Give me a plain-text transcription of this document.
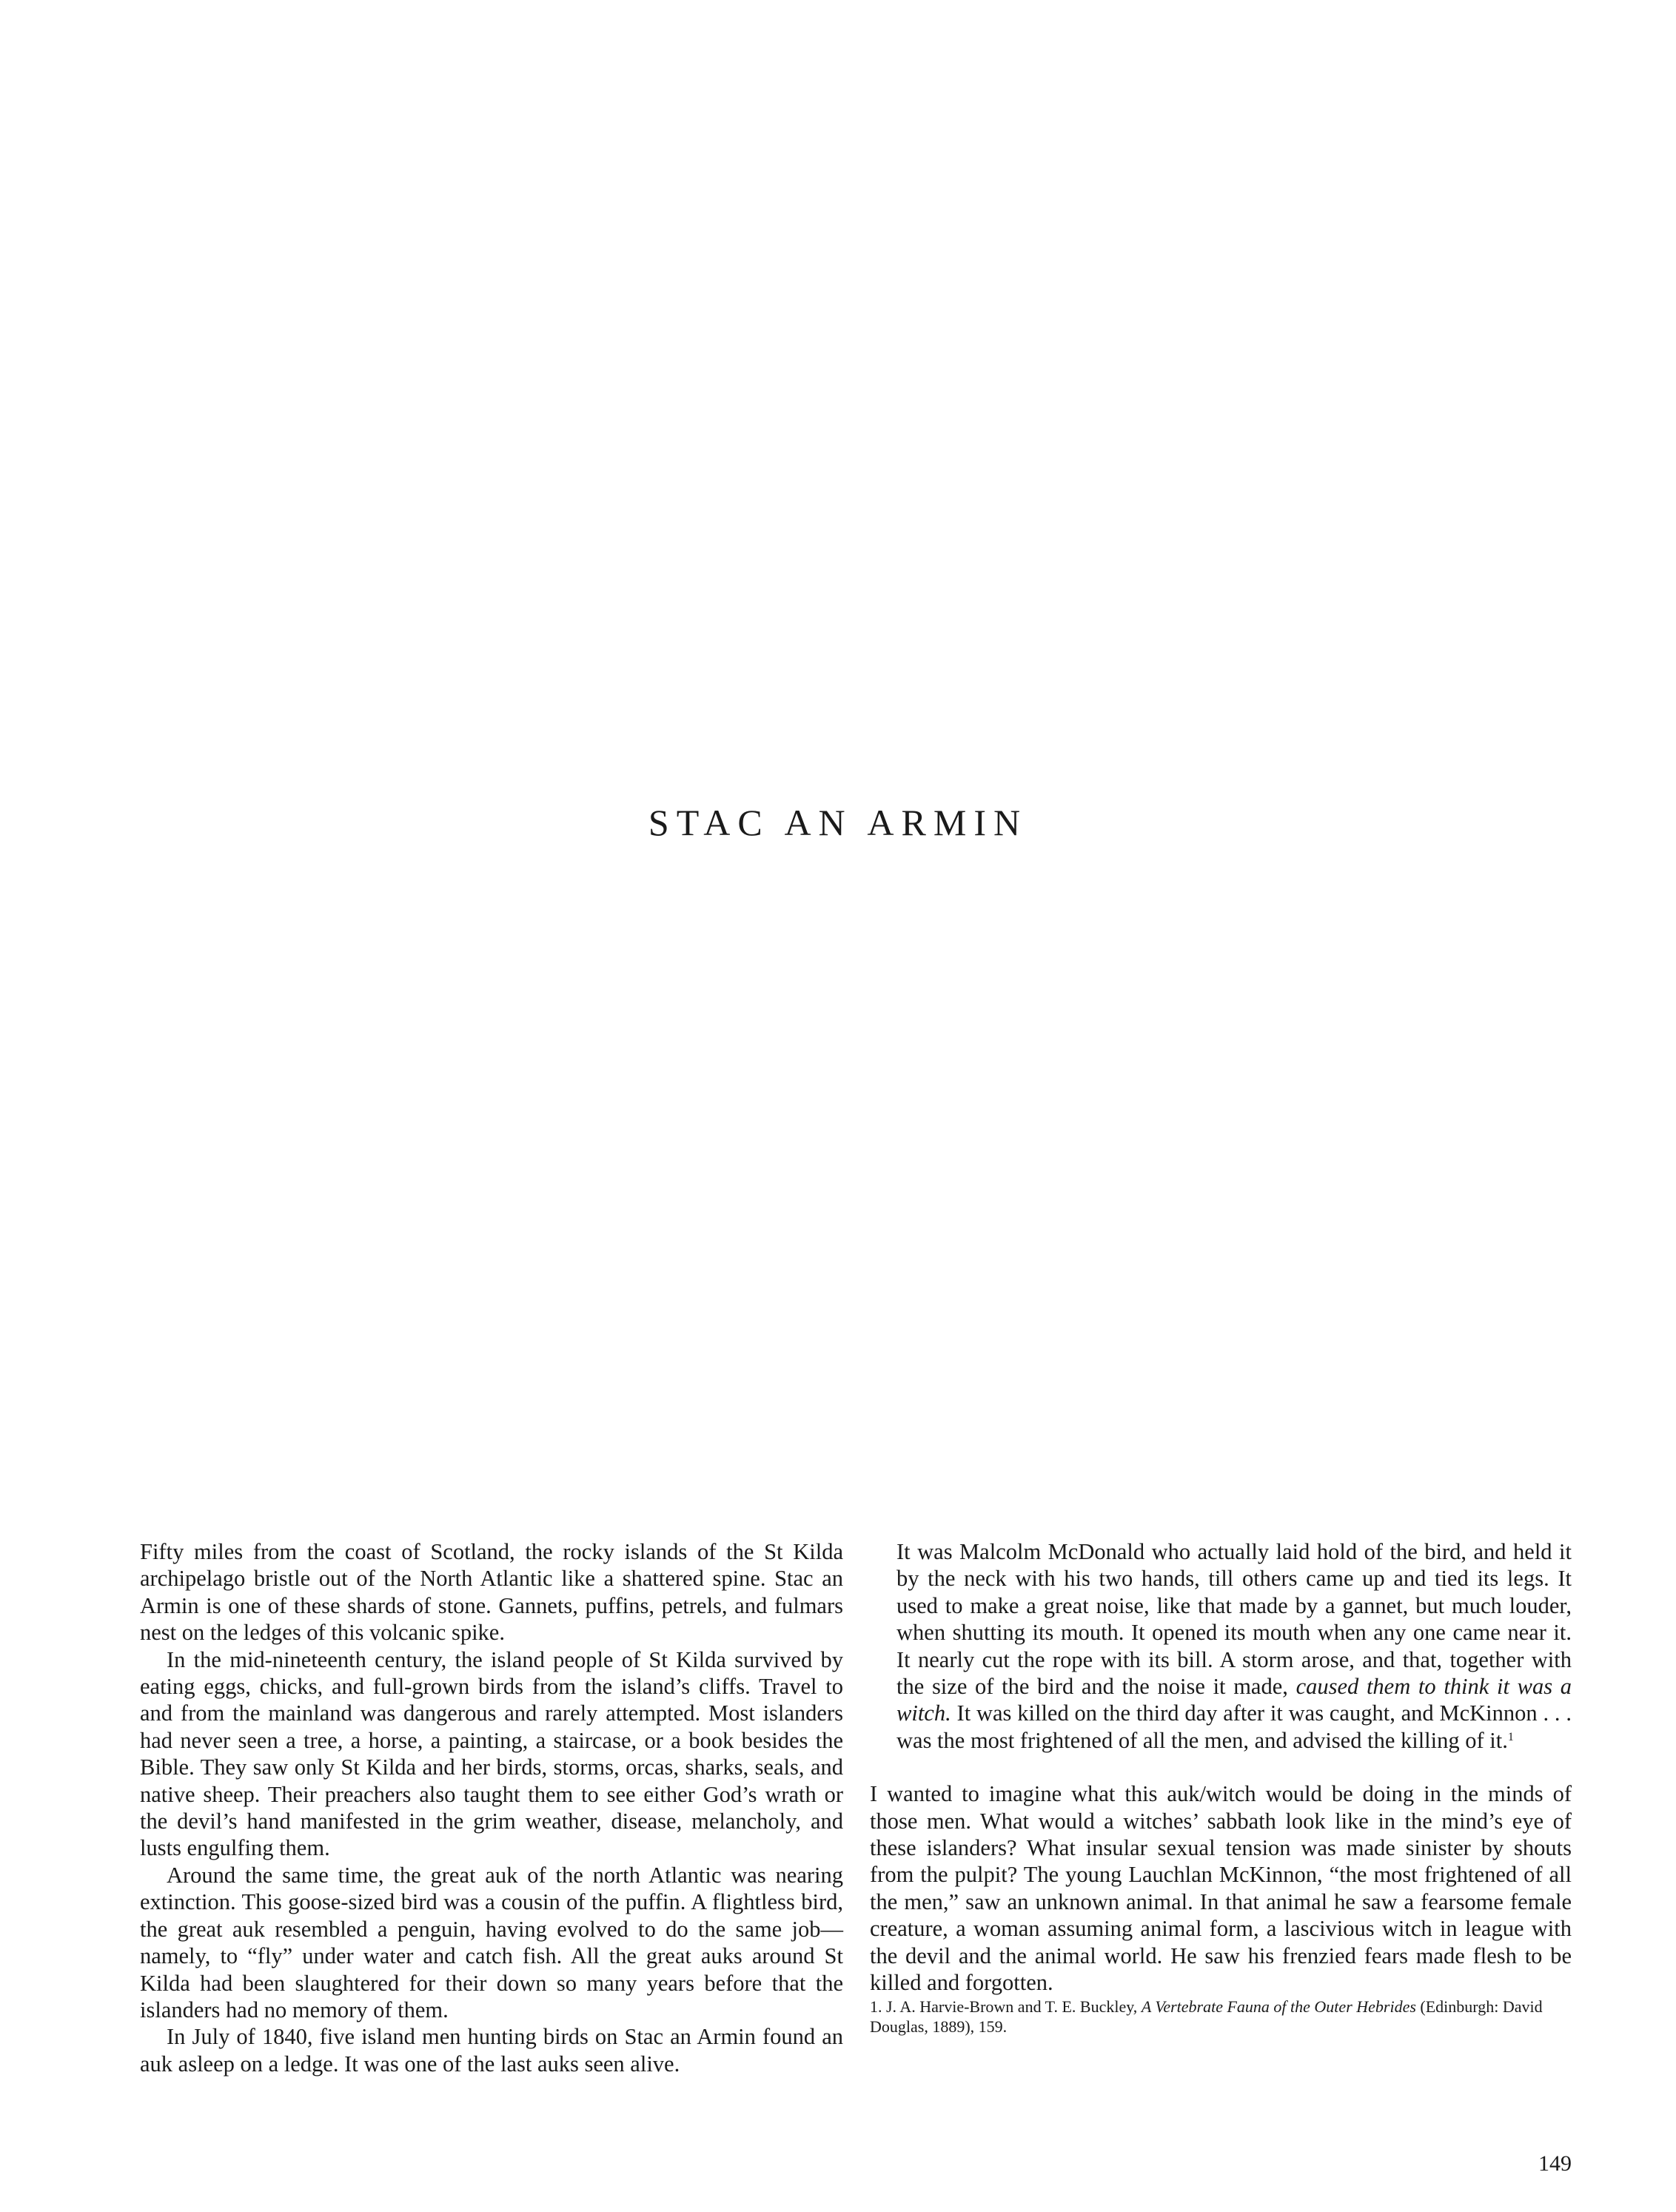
STAC AN ARMIN

Fifty miles from the coast of Scotland, the rocky islands of the St Kilda archipelago bristle out of the North Atlantic like a shattered spine. Stac an Armin is one of these shards of stone. Gannets, puffins, petrels, and fulmars nest on the ledges of this volcanic spike.

In the mid-nineteenth century, the island people of St Kilda survived by eating eggs, chicks, and full-grown birds from the island’s cliffs. Travel to and from the mainland was dangerous and rarely attempted. Most islanders had never seen a tree, a horse, a painting, a staircase, or a book besides the Bible. They saw only St Kilda and her birds, storms, orcas, sharks, seals, and native sheep. Their preachers also taught them to see either God’s wrath or the devil’s hand manifested in the grim weather, disease, melancholy, and lusts engulfing them.

Around the same time, the great auk of the north Atlantic was nearing extinction. This goose-sized bird was a cousin of the puffin. A flightless bird, the great auk resembled a penguin, having evolved to do the same job—namely, to “fly” under water and catch fish. All the great auks around St Kilda had been slaughtered for their down so many years before that the islanders had no memory of them.

In July of 1840, five island men hunting birds on Stac an Armin found an auk asleep on a ledge. It was one of the last auks seen alive.

It was Malcolm McDonald who actually laid hold of the bird, and held it by the neck with his two hands, till others came up and tied its legs. It used to make a great noise, like that made by a gannet, but much louder, when shutting its mouth. It opened its mouth when any one came near it. It nearly cut the rope with its bill. A storm arose, and that, together with the size of the bird and the noise it made, caused them to think it was a witch. It was killed on the third day after it was caught, and McKinnon . . . was the most frightened of all the men, and advised the killing of it.$^1$

I wanted to imagine what this auk/witch would be doing in the minds of those men. What would a witches’ sabbath look like in the mind’s eye of these islanders? What insular sexual tension was made sinister by shouts from the pulpit? The young Lauchlan McKinnon, “the most frightened of all the men,” saw an unknown animal. In that animal he saw a fearsome female creature, a woman assuming animal form, a lascivious witch in league with the devil and the animal world. He saw his frenzied fears made flesh to be killed and forgotten.

1. J. A. Harvie-Brown and T. E. Buckley, A Vertebrate Fauna of the Outer Hebrides (Edinburgh: David Douglas, 1889), 159.

149
